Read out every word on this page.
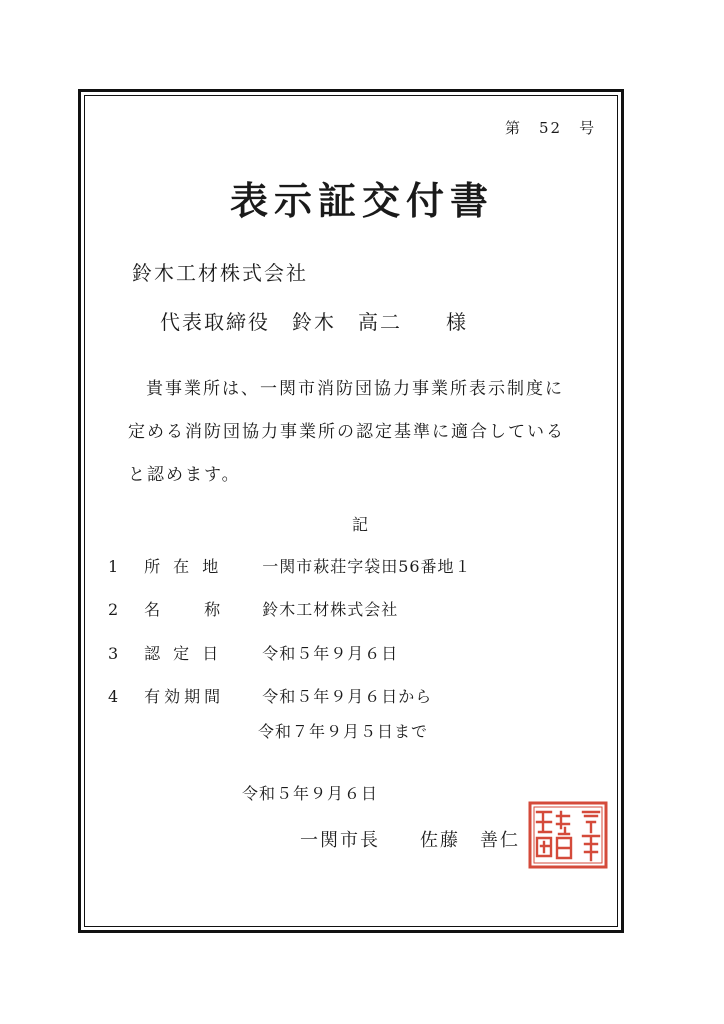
第　52　号
表示証交付書
鈴木工材株式会社
代表取締役　鈴木　高二　　様
貴事業所は、一関市消防団協力事業所表示制度に
定める消防団協力事業所の認定基準に適合している
と認めます。
記
1 所 在 地 一関市萩荘字袋田56番地１
2 名　　称 鈴木工材株式会社
3 認 定 日 令和５年９月６日
4 有効期間 令和５年９月６日から
令和７年９月５日まで
令和５年９月６日
一関市長　　佐藤　善仁
